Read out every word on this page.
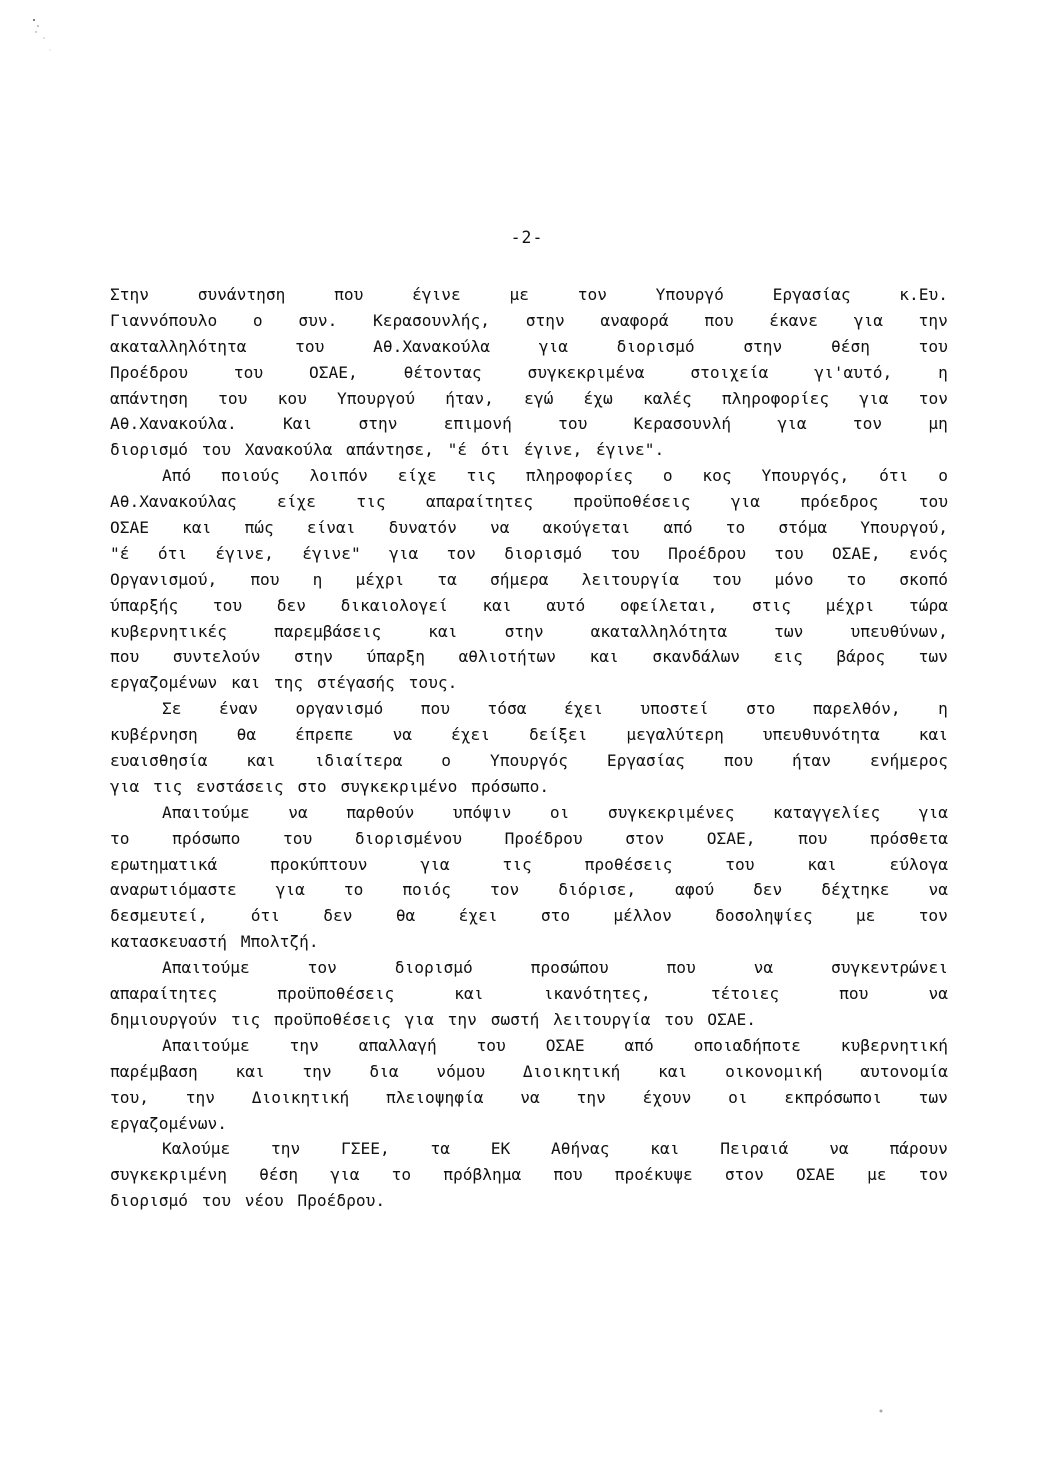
-2-
Στην	συνάντηση	που	έγινε	με	τον	Υπουργό	Εργασίας	κ.Ευ.
Γιαννόπουλο ο συν. Κερασουνλής, στην αναφορά που έκανε για την
ακαταλληλότητα	του	Αθ.Χανακούλα	για	διορισμό	στην	θέση	του
Προέδρου	του	ΟΣΑΕ,	θέτοντας	συγκεκριμένα	στοιχεία	γι'αυτό,	η
απάντηση του κου Υπουργού ήταν, εγώ έχω καλές πληροφορίες για τον
Αθ.Χανακούλα.	Και	στην	επιμονή	του	Κερασουνλή	για	τον	μη
διορισμό του Χανακούλα απάντησε, "έ ότι έγινε, έγινε".
Από ποιούς λοιπόν είχε τις πληροφορίες ο κος Υπουργός, ότι ο
Αθ.Χανακούλας είχε τις απαραίτητες προϋποθέσεις για πρόεδρος του
ΟΣΑΕ και πώς είναι δυνατόν να ακούγεται από το στόμα Υπουργού,
"έ ότι έγινε, έγινε" για τον διορισμό του Προέδρου του ΟΣΑΕ, ενός
Οργανισμού, που η μέχρι τα σήμερα λειτουργία του μόνο το σκοπό
ύπαρξής του δεν δικαιολογεί και αυτό οφείλεται, στις μέχρι τώρα
κυβερνητικές	παρεμβάσεις	και	στην	ακαταλληλότητα	των	υπευθύνων,
που συντελούν στην ύπαρξη αθλιοτήτων και σκανδάλων εις βάρος των
εργαζομένων και της στέγασής τους.
Σε έναν οργανισμό που τόσα έχει υποστεί στο παρελθόν, η
κυβέρνηση θα έπρεπε να έχει δείξει μεγαλύτερη υπευθυνότητα και
ευαισθησία και ιδιαίτερα ο Υπουργός Εργασίας που ήταν ενήμερος
για τις ενστάσεις στο συγκεκριμένο πρόσωπο.
Απαιτούμε να παρθούν υπόψιν οι συγκεκριμένες καταγγελίες για
το	πρόσωπο	του	διορισμένου	Προέδρου	στον	ΟΣΑΕ,	που	πρόσθετα
ερωτηματικά	προκύπτουν	για	τις	προθέσεις	του	και	εύλογα
αναρωτιόμαστε για το ποιός τον διόρισε, αφού δεν δέχτηκε να
δεσμευτεί,	ότι	δεν	θα	έχει	στο	μέλλον	δοσοληψίες	με	τον
κατασκευαστή Μπολτζή.
Απαιτούμε	τον	διορισμό	προσώπου	που	να	συγκεντρώνει
απαραίτητες	προϋποθέσεις	και	ικανότητες,	τέτοιες	που	να
δημιουργούν τις προϋποθέσεις για την σωστή λειτουργία του ΟΣΑΕ.
Απαιτούμε την απαλλαγή του ΟΣΑΕ από οποιαδήποτε κυβερνητική
παρέμβαση και την δια νόμου Διοικητική και οικονομική αυτονομία
του, την Διοικητική πλειοψηφία να την έχουν οι εκπρόσωποι των
εργαζομένων.
Καλούμε	την	ΓΣΕΕ,	τα	ΕΚ	Αθήνας	και	Πειραιά	να	πάρουν
συγκεκριμένη θέση για το πρόβλημα που προέκυψε στον ΟΣΑΕ με τον
διορισμό του νέου Προέδρου.
